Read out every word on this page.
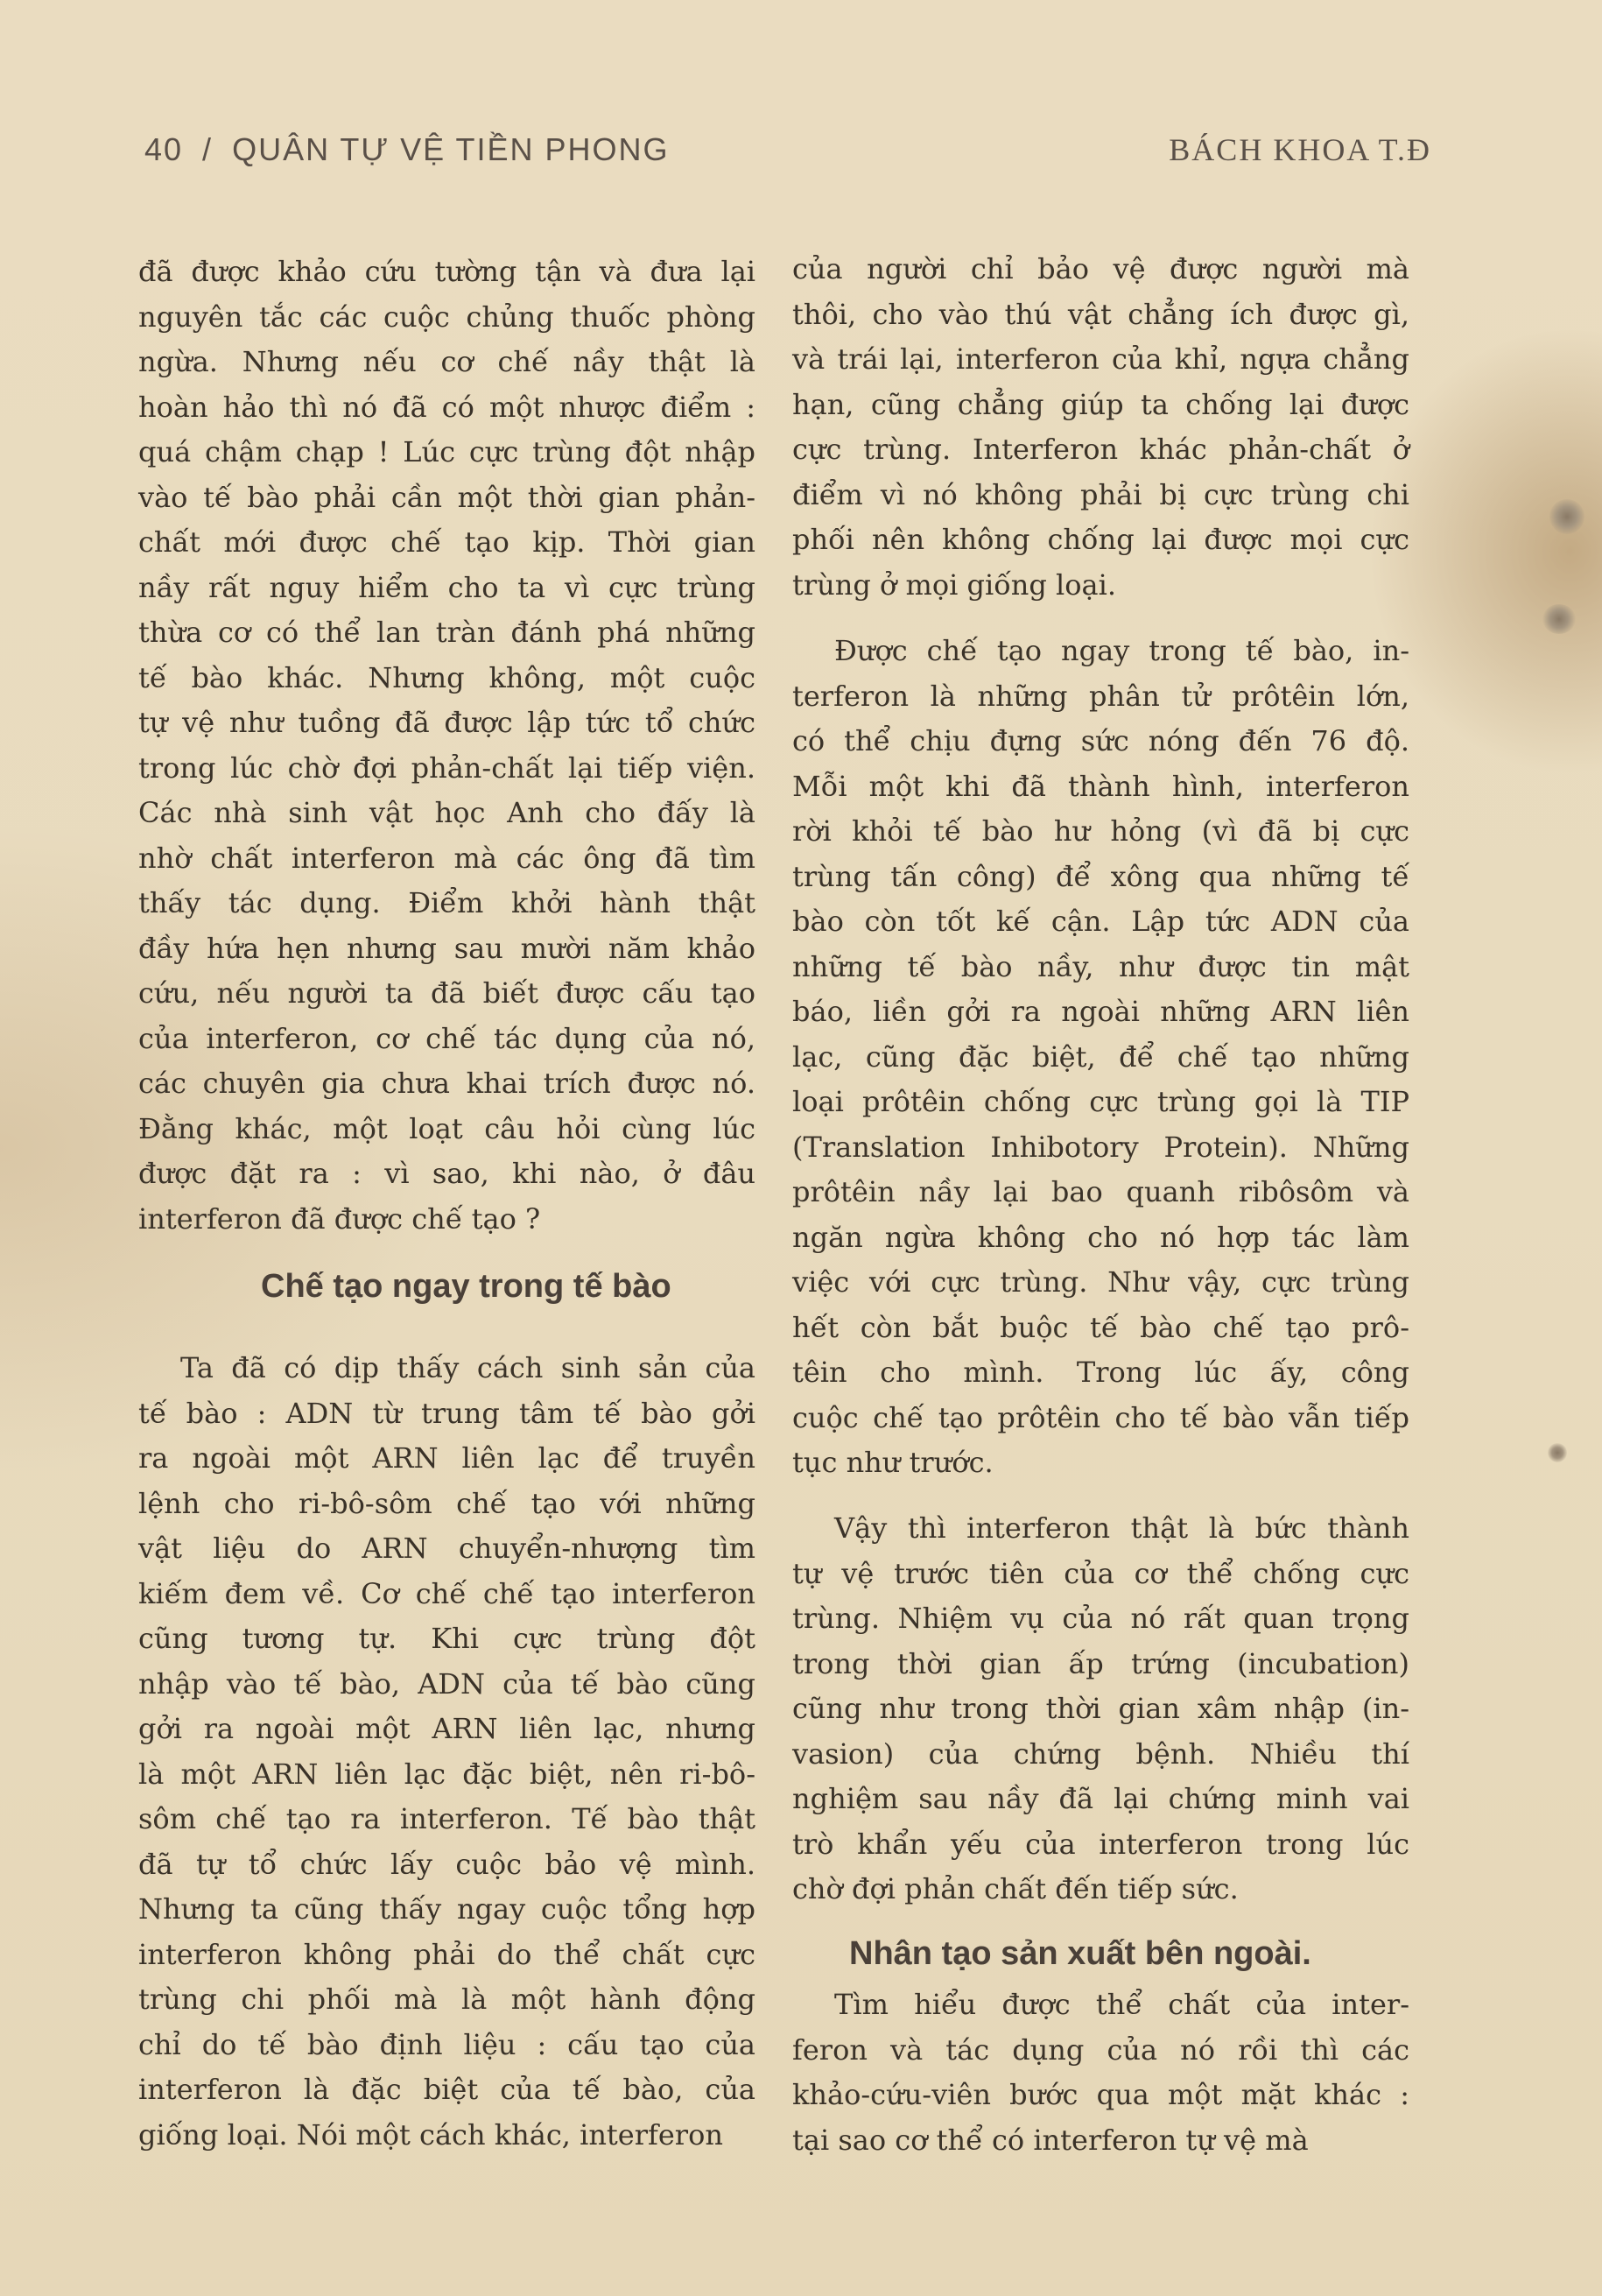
40 / QUÂN TỰ VỆ TIỀN PHONG	BÁCH KHOA T.Đ

đã được khảo cứu tường tận và đưa lại
nguyên tắc các cuộc chủng thuốc phòng
ngừa. Nhưng nếu cơ chế nầy thật là
hoàn hảo thì nó đã có một nhược điểm :
quá chậm chạp ! Lúc cực trùng đột nhập
vào tế bào phải cần một thời gian phản-
chất mới được chế tạo kịp. Thời gian
nầy rất nguy hiểm cho ta vì cực trùng
thừa cơ có thể lan tràn đánh phá những
tế bào khác. Nhưng không, một cuộc
tự vệ như tuồng đã được lập tức tổ chức
trong lúc chờ đợi phản-chất lại tiếp viện.
Các nhà sinh vật học Anh cho đấy là
nhờ chất interferon mà các ông đã tìm
thấy tác dụng. Điểm khởi hành thật
đầy hứa hẹn nhưng sau mười năm khảo
cứu, nếu người ta đã biết được cấu tạo
của interferon, cơ chế tác dụng của nó,
các chuyên gia chưa khai trích được nó.
Đằng khác, một loạt câu hỏi cùng lúc
được đặt ra : vì sao, khi nào, ở đâu
interferon đã được chế tạo ?

Chế tạo ngay trong tế bào

Ta đã có dịp thấy cách sinh sản của
tế bào : ADN từ trung tâm tế bào gởi
ra ngoài một ARN liên lạc để truyền
lệnh cho ri-bô-sôm chế tạo với những
vật liệu do ARN chuyển-nhượng tìm
kiếm đem về. Cơ chế chế tạo interferon
cũng tương tự. Khi cực trùng đột
nhập vào tế bào, ADN của tế bào cũng
gởi ra ngoài một ARN liên lạc, nhưng
là một ARN liên lạc đặc biệt, nên ri-bô-
sôm chế tạo ra interferon. Tế bào thật
đã tự tổ chức lấy cuộc bảo vệ mình.
Nhưng ta cũng thấy ngay cuộc tổng hợp
interferon không phải do thể chất cực
trùng chi phối mà là một hành động
chỉ do tế bào định liệu : cấu tạo của
interferon là đặc biệt của tế bào, của
giống loại. Nói một cách khác, interferon

của người chỉ bảo vệ được người mà
thôi, cho vào thú vật chẳng ích được gì,
và trái lại, interferon của khỉ, ngựa chẳng
hạn, cũng chẳng giúp ta chống lại được
cực trùng. Interferon khác phản-chất ở
điểm vì nó không phải bị cực trùng chi
phối nên không chống lại được mọi cực
trùng ở mọi giống loại.

Được chế tạo ngay trong tế bào, in-
terferon là những phân tử prôtêin lớn,
có thể chịu đựng sức nóng đến 76 độ.
Mỗi một khi đã thành hình, interferon
rời khỏi tế bào hư hỏng (vì đã bị cực
trùng tấn công) để xông qua những tế
bào còn tốt kế cận. Lập tức ADN của
những tế bào nầy, như được tin mật
báo, liền gởi ra ngoài những ARN liên
lạc, cũng đặc biệt, để chế tạo những
loại prôtêin chống cực trùng gọi là TIP
(Translation Inhibotory Protein). Những
prôtêin nầy lại bao quanh ribôsôm và
ngăn ngừa không cho nó hợp tác làm
việc với cực trùng. Như vậy, cực trùng
hết còn bắt buộc tế bào chế tạo prô-
têin cho mình. Trong lúc ấy, công
cuộc chế tạo prôtêin cho tế bào vẫn tiếp
tục như trước.

Vậy thì interferon thật là bức thành
tự vệ trước tiên của cơ thể chống cực
trùng. Nhiệm vụ của nó rất quan trọng
trong thời gian ấp trứng (incubation)
cũng như trong thời gian xâm nhập (in-
vasion) của chứng bệnh. Nhiều thí
nghiệm sau nầy đã lại chứng minh vai
trò khẩn yếu của interferon trong lúc
chờ đợi phản chất đến tiếp sức.

Nhân tạo sản xuất bên ngoài.

Tìm hiểu được thể chất của inter-
feron và tác dụng của nó rồi thì các
khảo-cứu-viên bước qua một mặt khác :
tại sao cơ thể có interferon tự vệ mà
